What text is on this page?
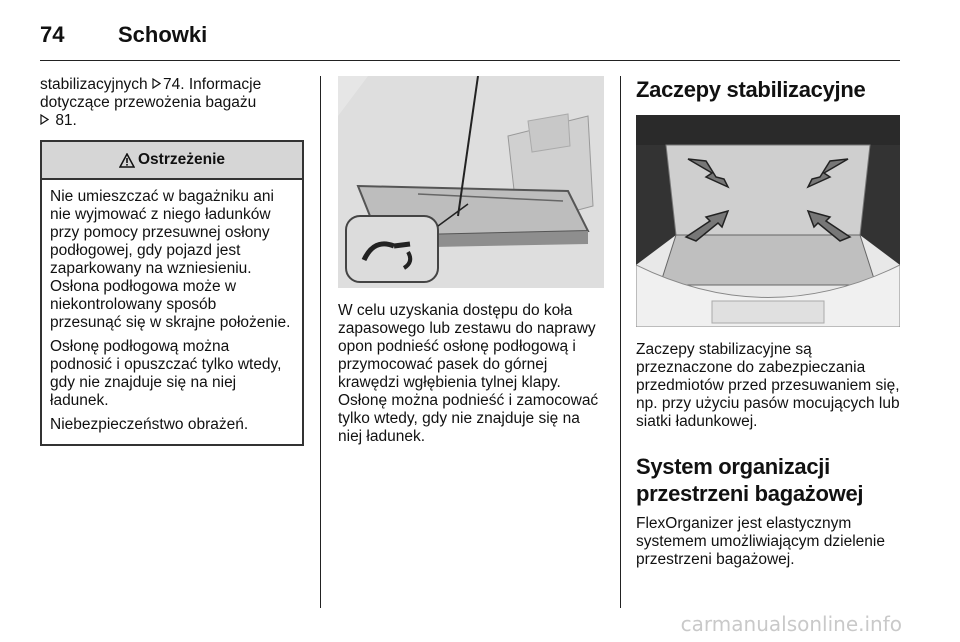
74 Schowki

stabilizacyjnych 74. Informacje
dotyczące przewożenia bagażu
81.

Ostrzeżenie

Nie umieszczać w bagażniku ani nie wyjmować z niego ładunków przy pomocy przesuwnej osłony podłogowej, gdy pojazd jest zaparkowany na wzniesieniu. Osłona podłogowa może w niekontrolowany sposób przesunąć się w skrajne położenie.

Osłonę podłogową można podnosić i opuszczać tylko wtedy, gdy nie znajduje się na niej ładunek.

Niebezpieczeństwo obrażeń.

W celu uzyskania dostępu do koła zapasowego lub zestawu do naprawy opon podnieść osłonę podłogową i przymocować pasek do górnej krawędzi wgłębienia tylnej klapy. Osłonę można podnieść i zamocować tylko wtedy, gdy nie znajduje się na niej ładunek.

Zaczepy stabilizacyjne

Zaczepy stabilizacyjne są przeznaczone do zabezpieczania przedmiotów przed przesuwaniem się, np. przy użyciu pasów mocujących lub siatki ładunkowej.

System organizacji przestrzeni bagażowej

FlexOrganizer jest elastycznym systemem umożliwiającym dzielenie przestrzeni bagażowej.

carmanualsonline.info
